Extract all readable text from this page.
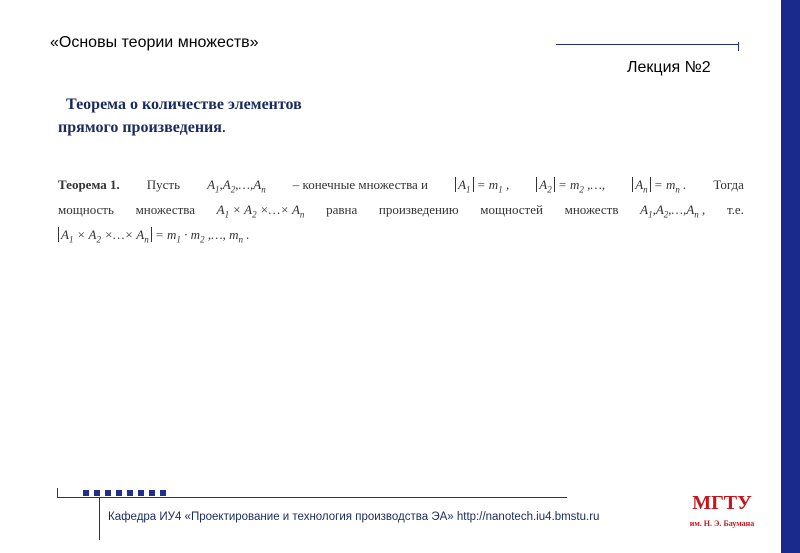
«Основы теории множеств»
Лекция №2
Теорема о количестве элементов
прямого произведения.
Теорема 1. Пусть $A_1,A_2,\dots,A_n$ – конечные множества и $A_1 = m_1$ , $A_2 = m_2$ ,…, $A_n = m_n$ . Тогда
мощность множества $A_1 \times A_2$ ×…× $A_n$ равна произведению мощностей множеств $A_1,A_2,\dots,A_n$ , т.е.
$A_1 \times A_2$ ×…× $A_n = m_1 \cdot m_2$ ,…, $m_n$ .
Кафедра ИУ4 «Проектирование и технология производства ЭА» http://nanotech.iu4.bmstu.ru
МГТУ
им. Н. Э. Баумана
